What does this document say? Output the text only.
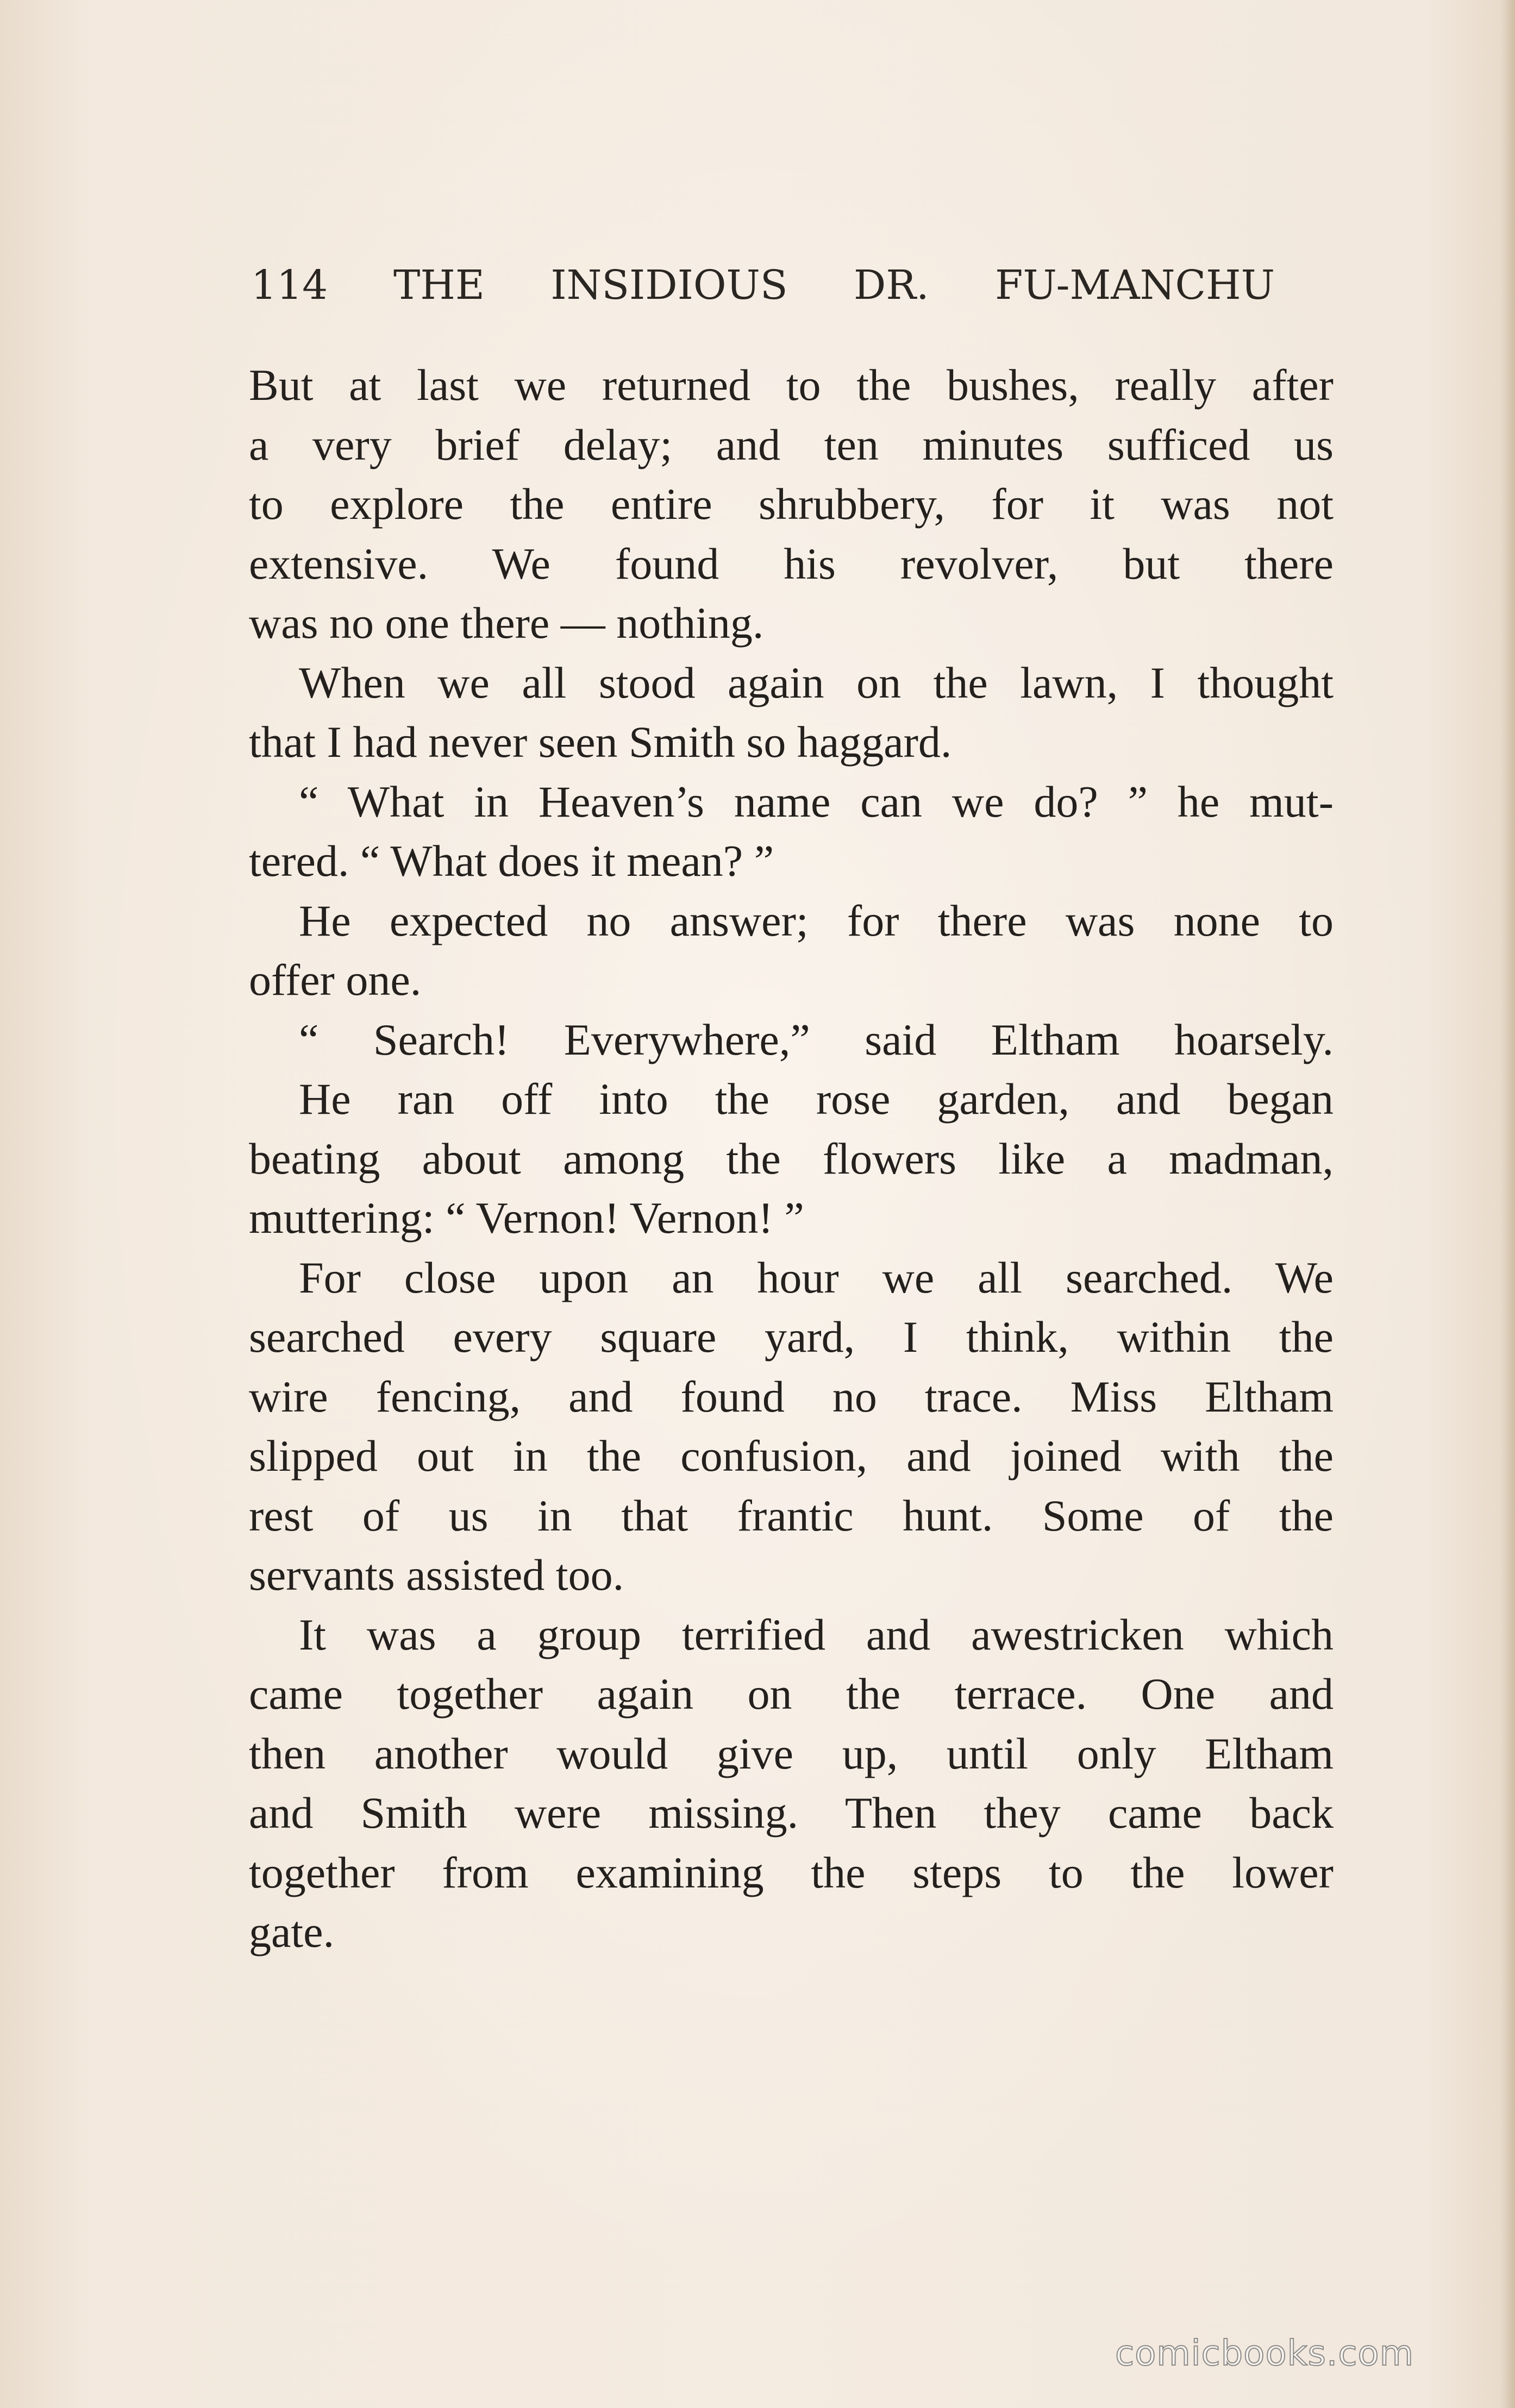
114 THE INSIDIOUS DR. FU-MANCHU
But at last we returned to the bushes, really after
a very brief delay; and ten minutes sufficed us
to explore the entire shrubbery, for it was not
extensive. We found his revolver, but there
was no one there — nothing.
When we all stood again on the lawn, I thought
that I had never seen Smith so haggard.
“ What in Heaven’s name can we do? ” he mut-
tered. “ What does it mean? ”
He expected no answer; for there was none to
offer one.
“ Search! Everywhere,” said Eltham hoarsely.
He ran off into the rose garden, and began
beating about among the flowers like a madman,
muttering: “ Vernon! Vernon! ”
For close upon an hour we all searched. We
searched every square yard, I think, within the
wire fencing, and found no trace. Miss Eltham
slipped out in the confusion, and joined with the
rest of us in that frantic hunt. Some of the
servants assisted too.
It was a group terrified and awestricken which
came together again on the terrace. One and
then another would give up, until only Eltham
and Smith were missing. Then they came back
together from examining the steps to the lower
gate.
comicbooks.com
